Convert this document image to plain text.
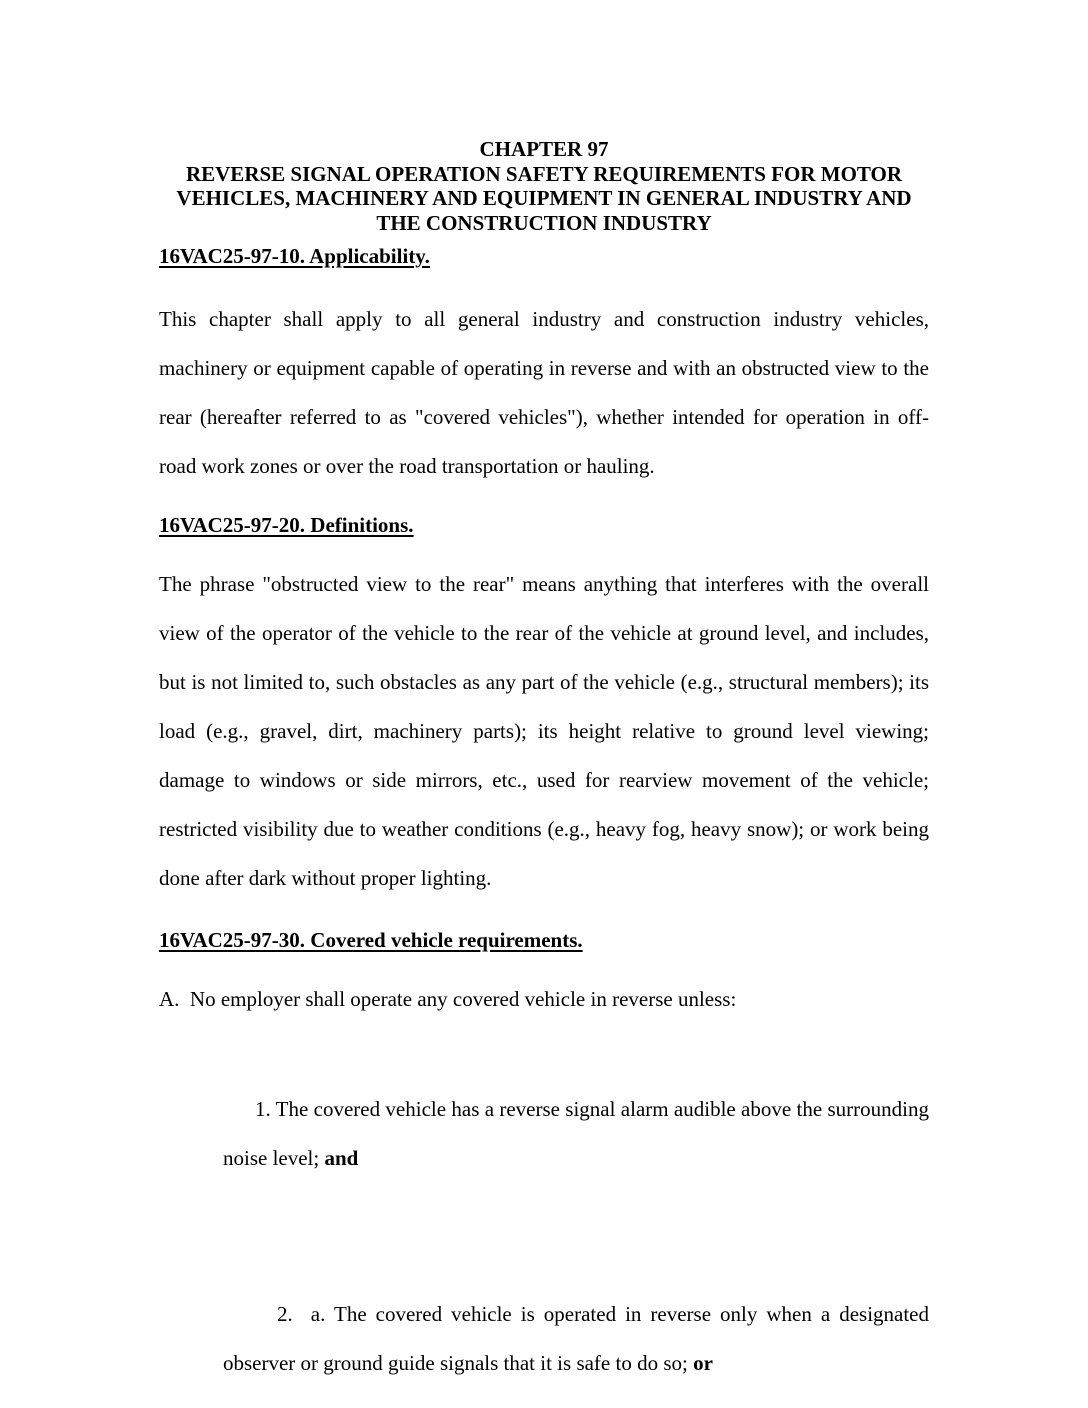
CHAPTER 97
REVERSE SIGNAL OPERATION SAFETY REQUIREMENTS FOR MOTOR
VEHICLES, MACHINERY AND EQUIPMENT IN GENERAL INDUSTRY AND
THE CONSTRUCTION INDUSTRY
16VAC25-97-10. Applicability.

This chapter shall apply to all general industry and construction industry vehicles, machinery or equipment capable of operating in reverse and with an obstructed view to the rear (hereafter referred to as "covered vehicles"), whether intended for operation in off-road work zones or over the road transportation or hauling.

16VAC25-97-20. Definitions.

The phrase "obstructed view to the rear" means anything that interferes with the overall view of the operator of the vehicle to the rear of the vehicle at ground level, and includes, but is not limited to, such obstacles as any part of the vehicle (e.g., structural members); its load (e.g., gravel, dirt, machinery parts); its height relative to ground level viewing; damage to windows or side mirrors, etc., used for rearview movement of the vehicle; restricted visibility due to weather conditions (e.g., heavy fog, heavy snow); or work being done after dark without proper lighting.

16VAC25-97-30. Covered vehicle requirements.

A.  No employer shall operate any covered vehicle in reverse unless:

1. The covered vehicle has a reverse signal alarm audible above the surrounding noise level; and

2.  a. The covered vehicle is operated in reverse only when a designated observer or ground guide signals that it is safe to do so; or
